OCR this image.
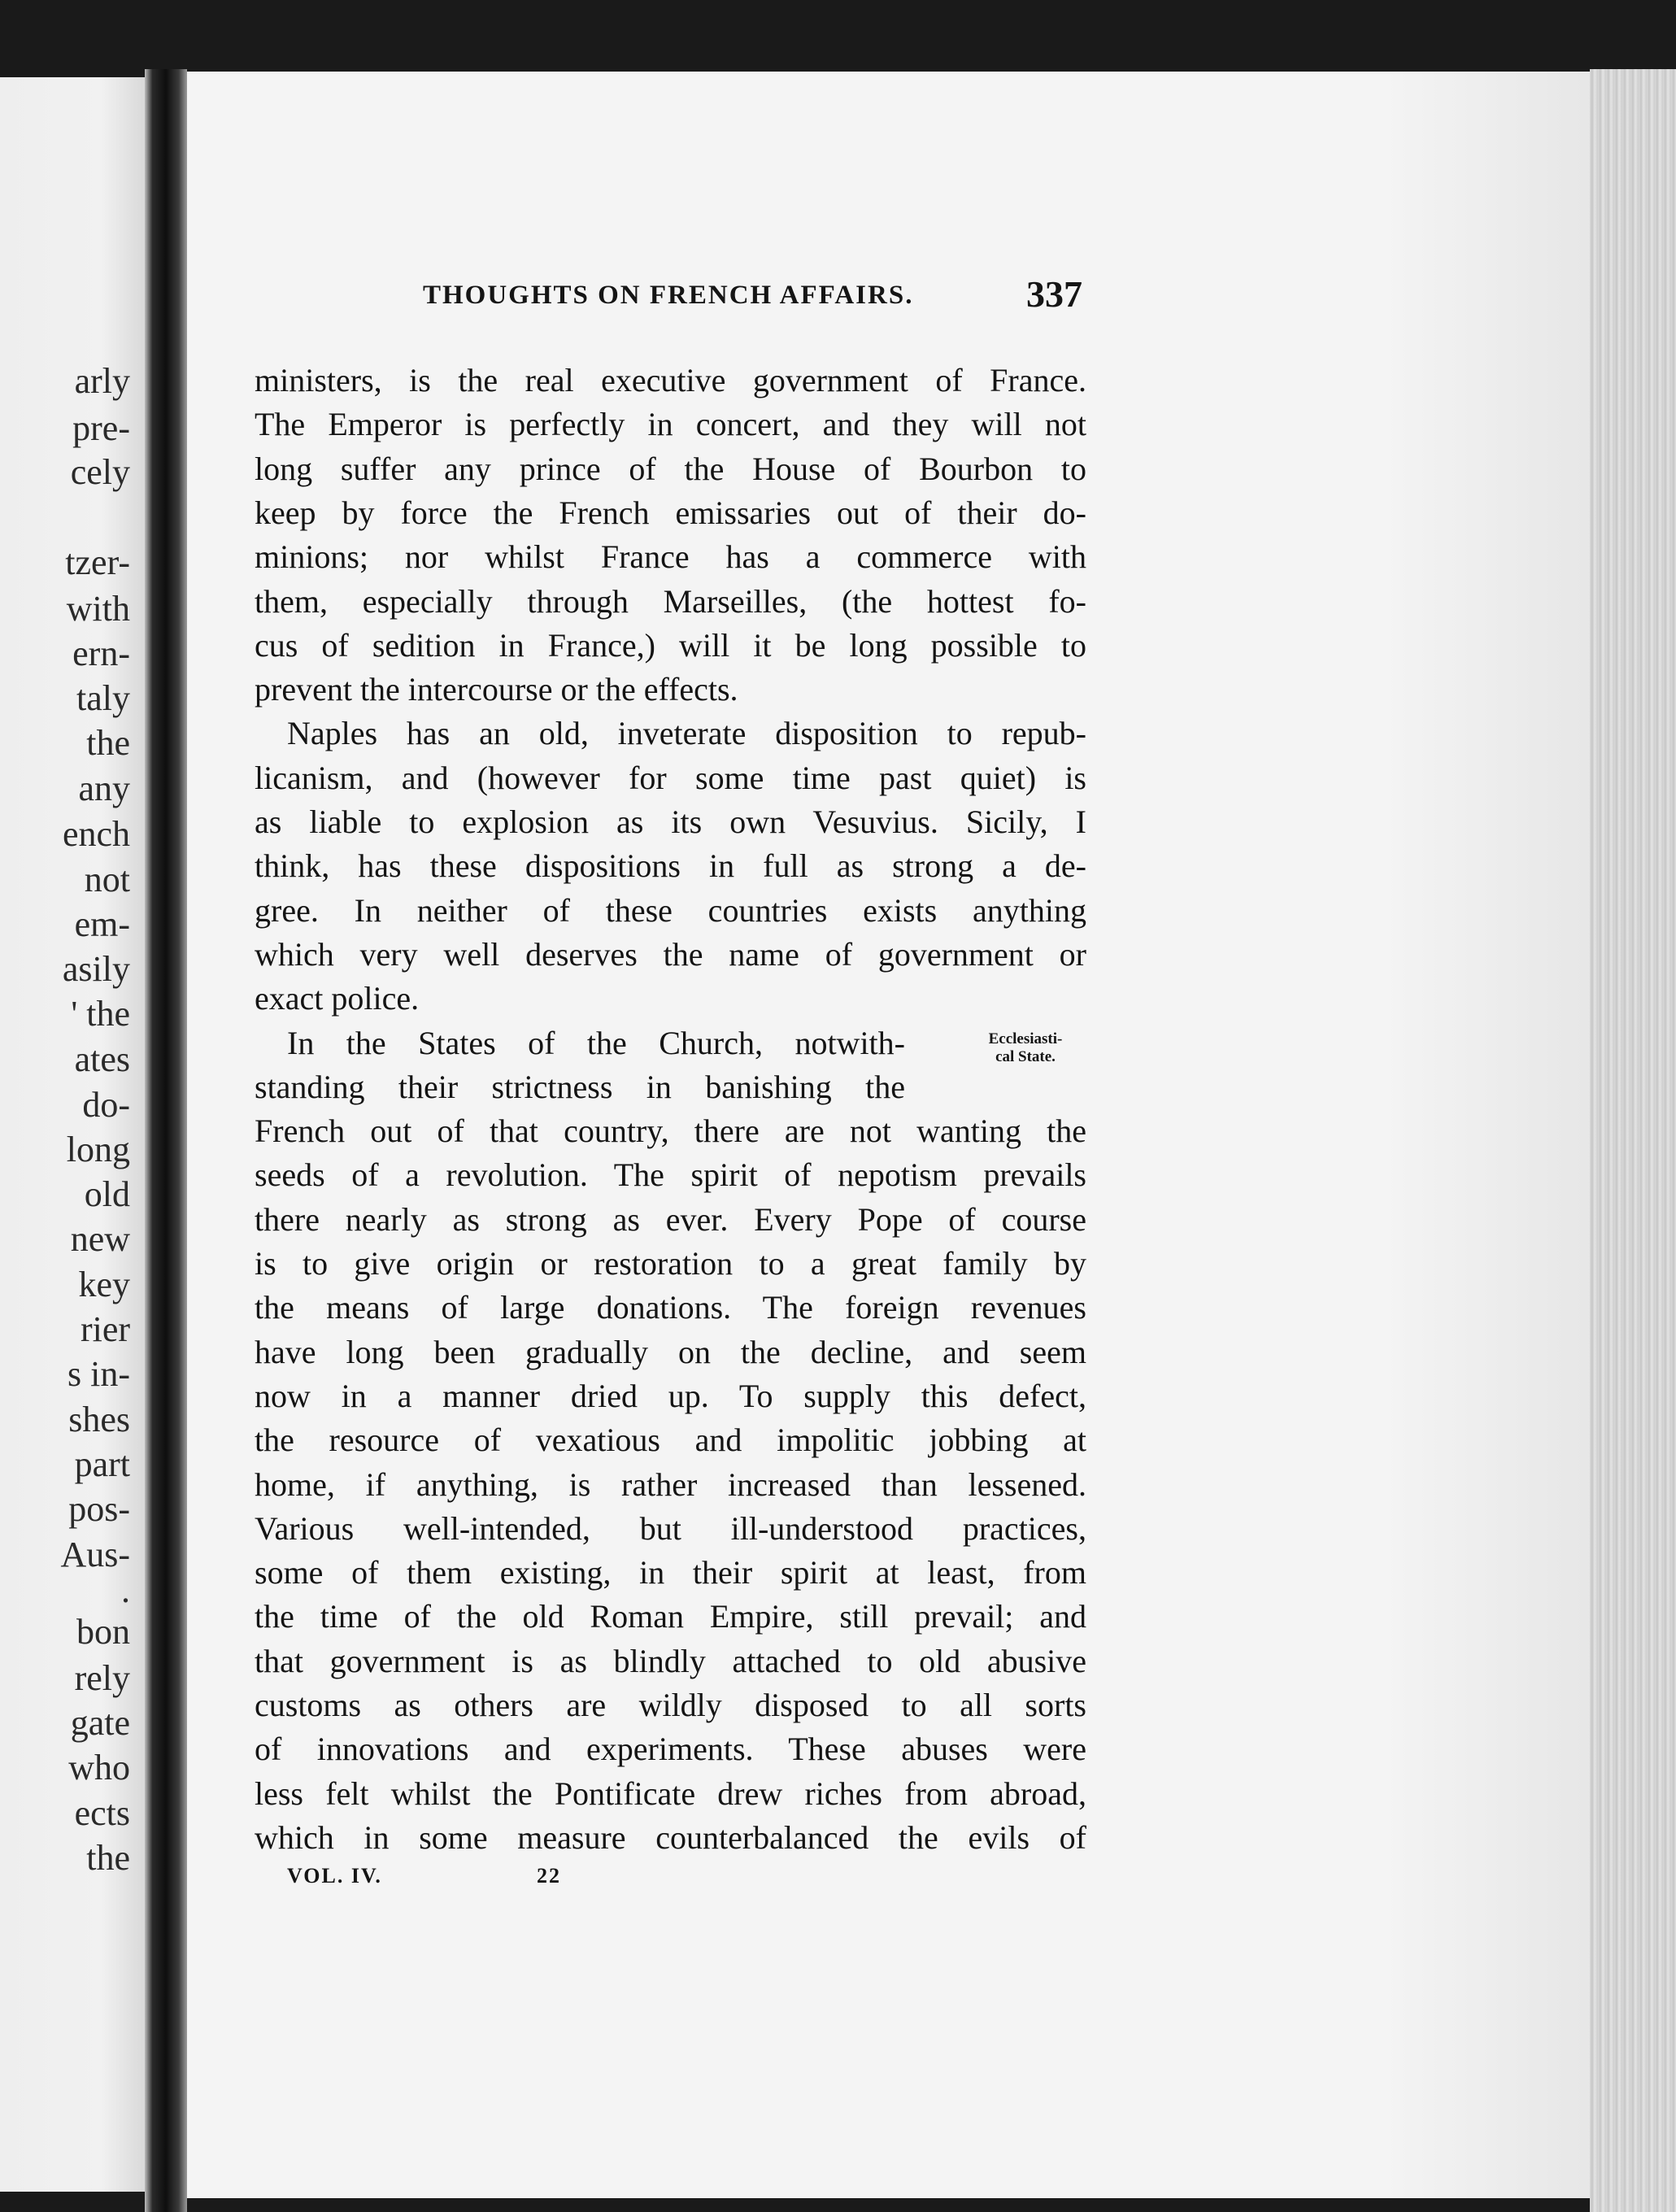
arly
pre-
cely
tzer-
with
ern-
taly
the
any
ench
not
em-
asily
' the
ates
do-
long
old
new
key
rier
s in-
shes
part
pos-
Aus-
.
bon
rely
gate
who
ects
the
THOUGHTS ON FRENCH AFFAIRS.	337
ministers, is the real executive government of France.
The Emperor is perfectly in concert, and they will not
long suffer any prince of the House of Bourbon to
keep by force the French emissaries out of their do-
minions; nor whilst France has a commerce with
them, especially through Marseilles, (the hottest fo-
cus of sedition in France,) will it be long possible to
prevent the intercourse or the effects.
Naples has an old, inveterate disposition to repub-
licanism, and (however for some time past quiet) is
as liable to explosion as its own Vesuvius. Sicily, I
think, has these dispositions in full as strong a de-
gree. In neither of these countries exists anything
which very well deserves the name of government or
exact police.
In the States of the Church, notwith-
standing their strictness in banishing the
French out of that country, there are not wanting the
seeds of a revolution. The spirit of nepotism prevails
there nearly as strong as ever. Every Pope of course
is to give origin or restoration to a great family by
the means of large donations. The foreign revenues
have long been gradually on the decline, and seem
now in a manner dried up. To supply this defect,
the resource of vexatious and impolitic jobbing at
home, if anything, is rather increased than lessened.
Various well-intended, but ill-understood practices,
some of them existing, in their spirit at least, from
the time of the old Roman Empire, still prevail; and
that government is as blindly attached to old abusive
customs as others are wildly disposed to all sorts
of innovations and experiments. These abuses were
less felt whilst the Pontificate drew riches from abroad,
which in some measure counterbalanced the evils of
Ecclesiasti-
cal State.
VOL. IV.	22
